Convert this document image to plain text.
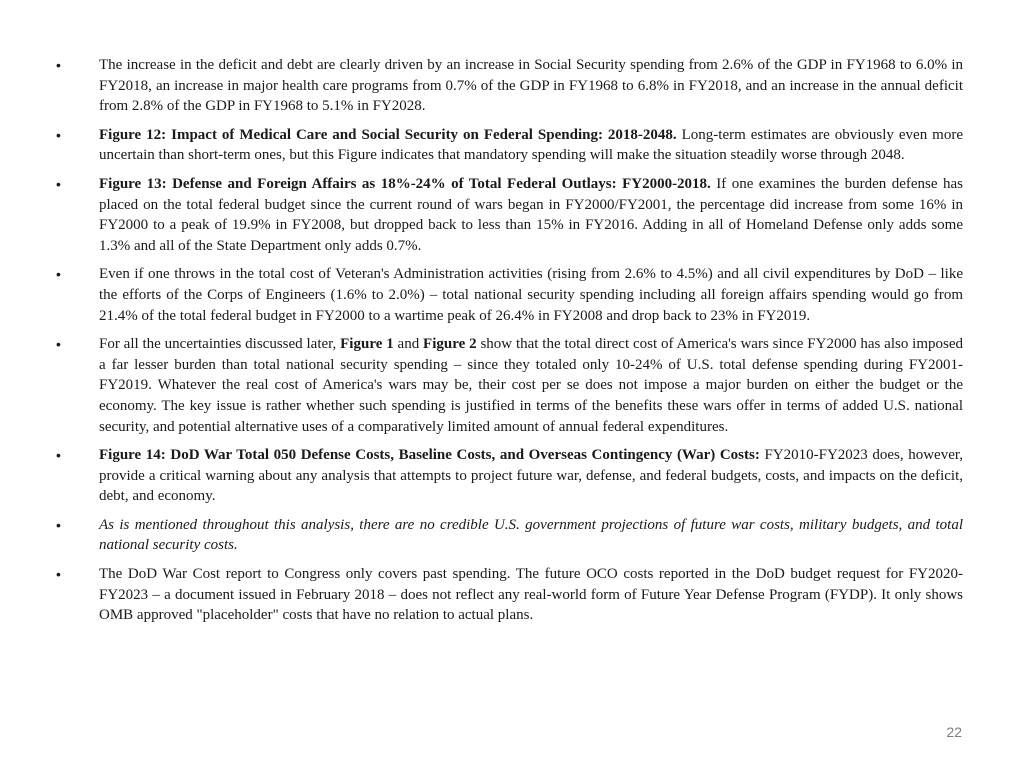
•	The increase in the deficit and debt are clearly driven by an increase in Social Security spending from 2.6% of the GDP in FY1968 to 6.0% in FY2018, an increase in major health care programs from 0.7% of the GDP in FY1968 to 6.8% in FY2018, and an increase in the annual deficit from 2.8% of the GDP in FY1968 to 5.1% in FY2028.
•	Figure 12: Impact of Medical Care and Social Security on Federal Spending: 2018-2048. Long-term estimates are obviously even more uncertain than short-term ones, but this Figure indicates that mandatory spending will make the situation steadily worse through 2048.
•	Figure 13: Defense and Foreign Affairs as 18%-24% of Total Federal Outlays: FY2000-2018. If one examines the burden defense has placed on the total federal budget since the current round of wars began in FY2000/FY2001, the percentage did increase from some 16% in FY2000 to a peak of 19.9% in FY2008, but dropped back to less than 15% in FY2016. Adding in all of Homeland Defense only adds some 1.3% and all of the State Department only adds 0.7%.
•	Even if one throws in the total cost of Veteran's Administration activities (rising from 2.6% to 4.5%) and all civil expenditures by DoD – like the efforts of the Corps of Engineers (1.6% to 2.0%) – total national security spending including all foreign affairs spending would go from 21.4% of the total federal budget in FY2000 to a wartime peak of 26.4% in FY2008 and drop back to 23% in FY2019.
•	For all the uncertainties discussed later, Figure 1 and Figure 2 show that the total direct cost of America's wars since FY2000 has also imposed a far lesser burden than total national security spending – since they totaled only 10-24% of U.S. total defense spending during FY2001-FY2019. Whatever the real cost of America's wars may be, their cost per se does not impose a major burden on either the budget or the economy. The key issue is rather whether such spending is justified in terms of the benefits these wars offer in terms of added U.S. national security, and potential alternative uses of a comparatively limited amount of annual federal expenditures.
•	Figure 14: DoD War Total 050 Defense Costs, Baseline Costs, and Overseas Contingency (War) Costs: FY2010-FY2023 does, however, provide a critical warning about any analysis that attempts to project future war, defense, and federal budgets, costs, and impacts on the deficit, debt, and economy.
•	As is mentioned throughout this analysis, there are no credible U.S. government projections of future war costs, military budgets, and total national security costs.
•	The DoD War Cost report to Congress only covers past spending. The future OCO costs reported in the DoD budget request for FY2020- FY2023 – a document issued in February 2018 – does not reflect any real-world form of Future Year Defense Program (FYDP). It only shows OMB approved "placeholder" costs that have no relation to actual plans.
22
